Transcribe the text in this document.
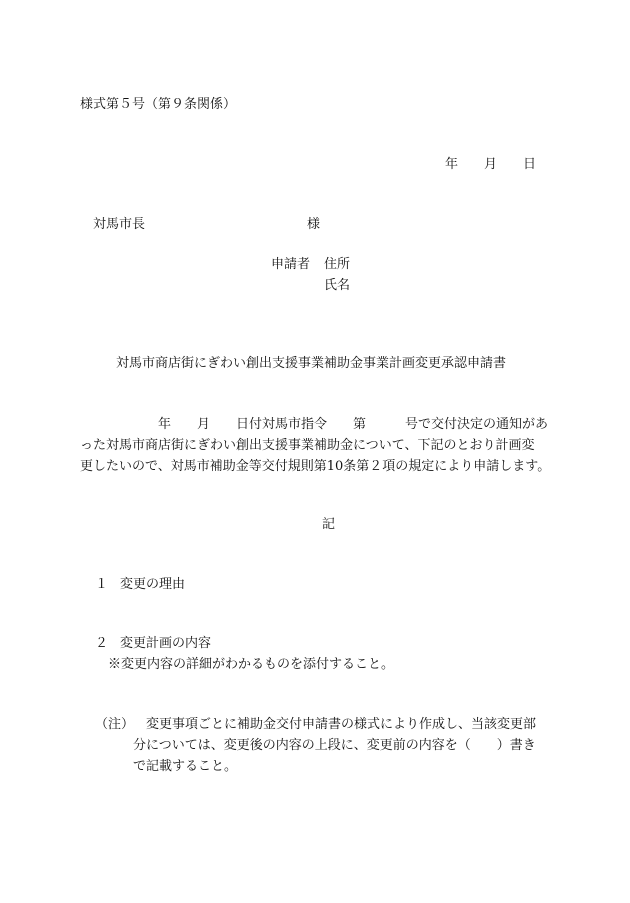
様式第５号（第９条関係）
年　　月　　日
対馬市長	様
申請者 住所
氏名
対馬市商店街にぎわい創出支援事業補助金事業計画変更承認申請書
　　　　　　年　　月　　日付対馬市指令　　第　　　号で交付決定の通知があ
った対馬市商店街にぎわい創出支援事業補助金について、下記のとおり計画変
更したいので、対馬市補助金等交付規則第10条第２項の規定により申請します。
記
１ 変更の理由
２ 変更計画の内容
※変更内容の詳細がわかるものを添付すること。
（注） 変更事項ごとに補助金交付申請書の様式により作成し、当該変更部
分については、変更後の内容の上段に、変更前の内容を（　　）書き
で記載すること。
